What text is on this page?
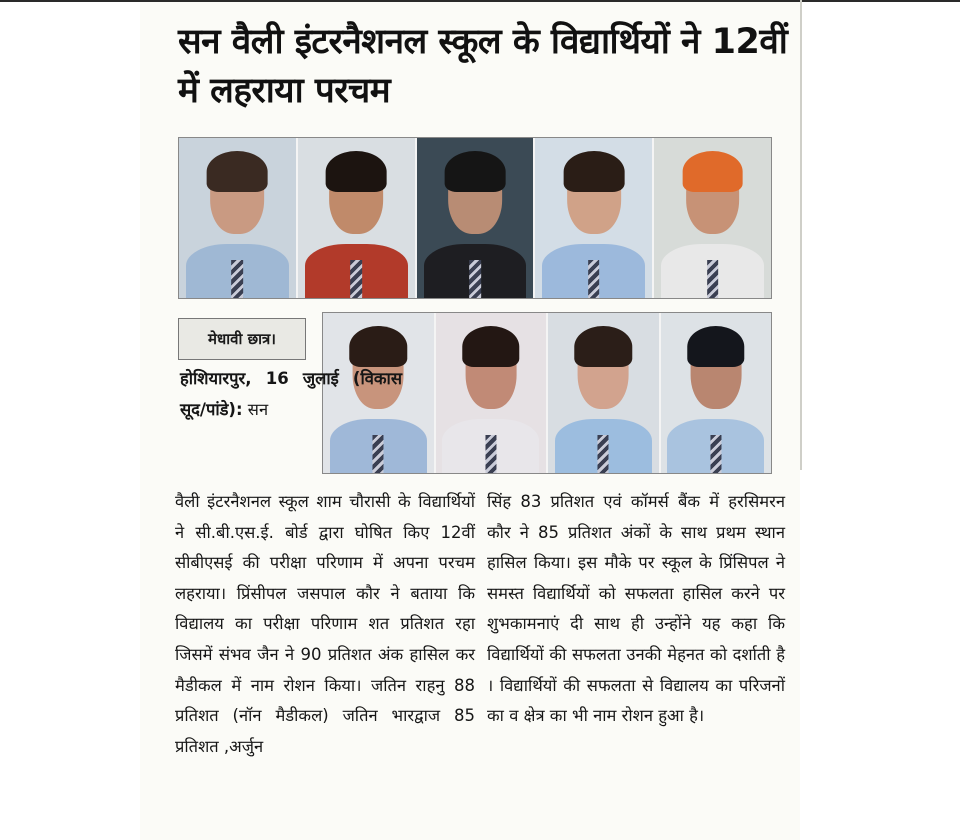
सन वैली इंटरनैशनल स्कूल के विद्यार्थियों ने 12वीं में लहराया परचम
मेधावी छात्र।

होशियारपुर, 16 जुलाई (विकास सूद/पांडे): सन

वैली इंटरनैशनल स्कूल शाम चौरासी के विद्यार्थियों ने सी.बी.एस.ई. बोर्ड द्वारा घोषित किए 12वीं सीबीएसई की परीक्षा परिणाम में अपना परचम लहराया। प्रिंसीपल जसपाल कौर ने बताया कि विद्यालय का परीक्षा परिणाम शत प्रतिशत रहा जिसमें संभव जैन ने 90 प्रतिशत अंक हासिल कर मैडीकल में नाम रोशन किया। जतिन राहनु 88 प्रतिशत (नॉन मैडीकल) जतिन भारद्वाज 85 प्रतिशत ,अर्जुन

सिंह 83 प्रतिशत एवं कॉमर्स बैंक में हरसिमरन कौर ने 85 प्रतिशत अंकों के साथ प्रथम स्थान हासिल किया। इस मौके पर स्कूल के प्रिंसिपल ने समस्त विद्यार्थियों को सफलता हासिल करने पर शुभकामनाएं दी साथ ही उन्होंने यह कहा कि विद्यार्थियों की सफलता उनकी मेहनत को दर्शाती है । विद्यार्थियों की सफलता से विद्यालय का परिजनों का व क्षेत्र का भी नाम रोशन हुआ है।
